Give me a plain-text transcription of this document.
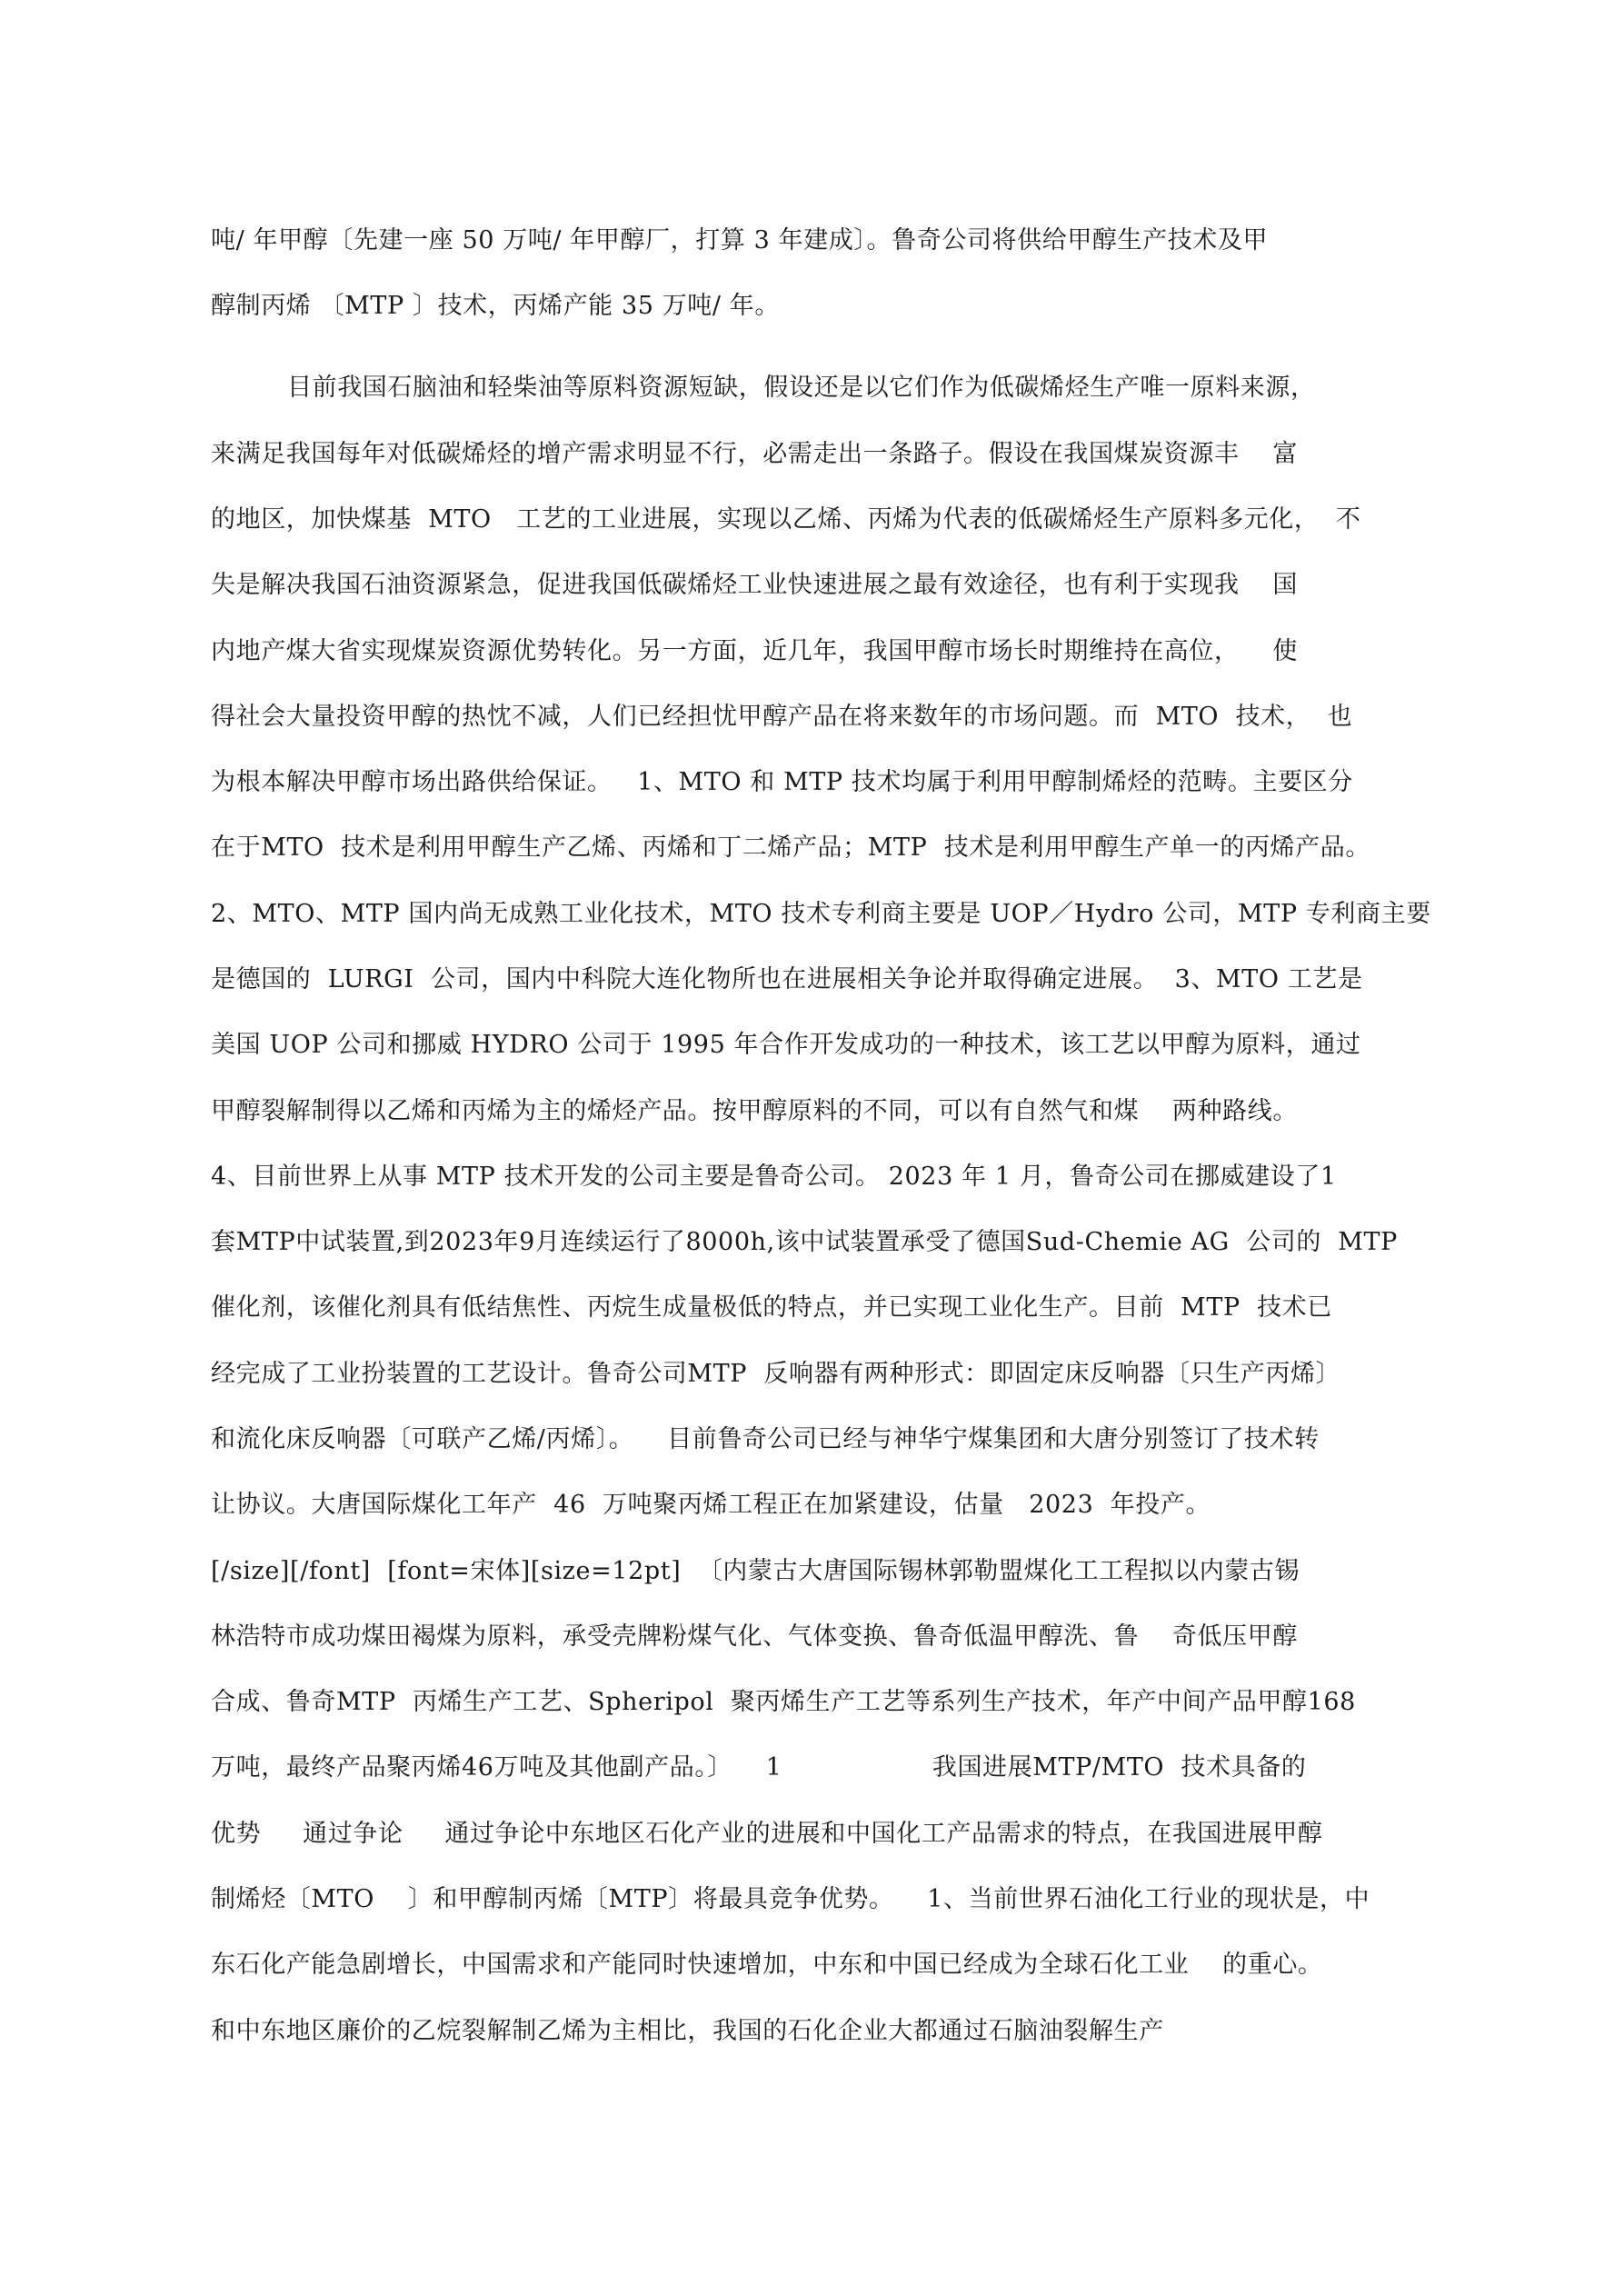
吨/ 年甲醇〔先建一座 50 万吨/ 年甲醇厂，打算 3 年建成〕。鲁奇公司将供给甲醇生产技术及甲
醇制丙烯 〔MTP 〕技术，丙烯产能 35 万吨/ 年。
目前我国石脑油和轻柴油等原料资源短缺，假设还是以它们作为低碳烯烃生产唯一原料来源，
来满足我国每年对低碳烯烃的增产需求明显不行，必需走出一条路子。假设在我国煤炭资源丰    富
的地区，加快煤基  MTO   工艺的工业进展，实现以乙烯、丙烯为代表的低碳烯烃生产原料多元化，  不
失是解决我国石油资源紧急，促进我国低碳烯烃工业快速进展之最有效途径，也有利于实现我    国
内地产煤大省实现煤炭资源优势转化。另一方面，近几年，我国甲醇市场长时期维持在高位，    使
得社会大量投资甲醇的热忱不减，人们已经担忧甲醇产品在将来数年的市场问题。而  MTO  技术，  也
为根本解决甲醇市场出路供给保证。   1、MTO 和 MTP 技术均属于利用甲醇制烯烃的范畴。主要区分
在于MTO  技术是利用甲醇生产乙烯、丙烯和丁二烯产品；MTP  技术是利用甲醇生产单一的丙烯产品。
2、MTO、MTP 国内尚无成熟工业化技术，MTO 技术专利商主要是 UOP／Hydro 公司，MTP 专利商主要
是德国的  LURGI  公司，国内中科院大连化物所也在进展相关争论并取得确定进展。  3、MTO 工艺是
美国 UOP 公司和挪威 HYDRO 公司于 1995 年合作开发成功的一种技术，该工艺以甲醇为原料，通过
甲醇裂解制得以乙烯和丙烯为主的烯烃产品。按甲醇原料的不同，可以有自然气和煤    两种路线。
4、目前世界上从事 MTP 技术开发的公司主要是鲁奇公司。 2023 年 1 月，鲁奇公司在挪威建设了1
套MTP中试装置,到2023年9月连续运行了8000h,该中试装置承受了德国Sud-Chemie AG  公司的  MTP
催化剂，该催化剂具有低结焦性、丙烷生成量极低的特点，并已实现工业化生产。目前  MTP  技术已
经完成了工业扮装置的工艺设计。鲁奇公司MTP  反响器有两种形式：即固定床反响器〔只生产丙烯〕
和流化床反响器〔可联产乙烯/丙烯〕。    目前鲁奇公司已经与神华宁煤集团和大唐分别签订了技术转
让协议。大唐国际煤化工年产  46  万吨聚丙烯工程正在加紧建设，估量   2023  年投产。
[/size][/font]  [font=宋体][size=12pt]  〔内蒙古大唐国际锡林郭勒盟煤化工工程拟以内蒙古锡
林浩特市成功煤田褐煤为原料，承受壳牌粉煤气化、气体变换、鲁奇低温甲醇洗、鲁    奇低压甲醇
合成、鲁奇MTP  丙烯生产工艺、Spheripol  聚丙烯生产工艺等系列生产技术，年产中间产品甲醇168
万吨，最终产品聚丙烯46万吨及其他副产品。〕    1                  我国进展MTP/MTO  技术具备的
优势     通过争论     通过争论中东地区石化产业的进展和中国化工产品需求的特点，在我国进展甲醇
制烯烃〔MTO    〕和甲醇制丙烯〔MTP〕将最具竞争优势。    1、当前世界石油化工行业的现状是，中
东石化产能急剧增长，中国需求和产能同时快速增加，中东和中国已经成为全球石化工业    的重心。
和中东地区廉价的乙烷裂解制乙烯为主相比，我国的石化企业大都通过石脑油裂解生产
